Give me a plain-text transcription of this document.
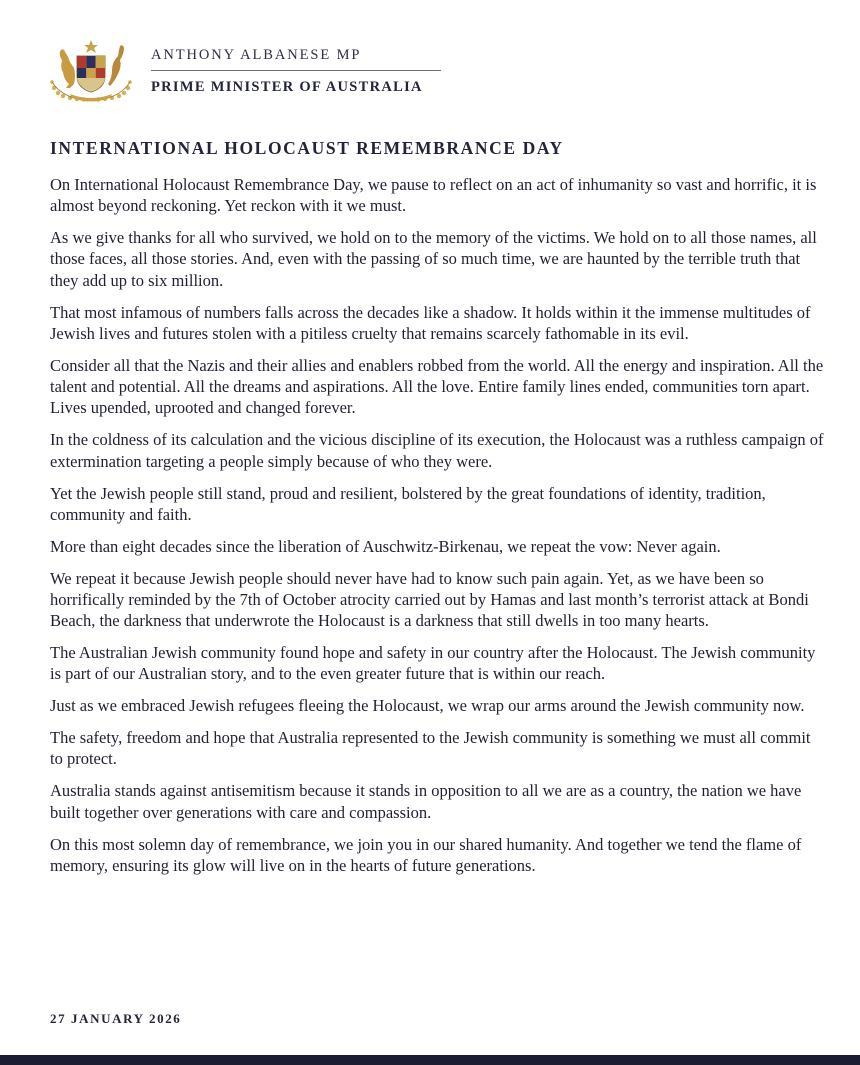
ANTHONY ALBANESE MP
PRIME MINISTER OF AUSTRALIA
INTERNATIONAL HOLOCAUST REMEMBRANCE DAY

On International Holocaust Remembrance Day, we pause to reflect on an act of inhumanity so vast and horrific, it is almost beyond reckoning. Yet reckon with it we must.

As we give thanks for all who survived, we hold on to the memory of the victims. We hold on to all those names, all those faces, all those stories. And, even with the passing of so much time, we are haunted by the terrible truth that they add up to six million.

That most infamous of numbers falls across the decades like a shadow. It holds within it the immense multitudes of Jewish lives and futures stolen with a pitiless cruelty that remains scarcely fathomable in its evil.

Consider all that the Nazis and their allies and enablers robbed from the world. All the energy and inspiration. All the talent and potential. All the dreams and aspirations. All the love. Entire family lines ended, communities torn apart. Lives upended, uprooted and changed forever.

In the coldness of its calculation and the vicious discipline of its execution, the Holocaust was a ruthless campaign of extermination targeting a people simply because of who they were.

Yet the Jewish people still stand, proud and resilient, bolstered by the great foundations of identity, tradition, community and faith.

More than eight decades since the liberation of Auschwitz-Birkenau, we repeat the vow: Never again.

We repeat it because Jewish people should never have had to know such pain again. Yet, as we have been so horrifically reminded by the 7th of October atrocity carried out by Hamas and last month’s terrorist attack at Bondi Beach, the darkness that underwrote the Holocaust is a darkness that still dwells in too many hearts.

The Australian Jewish community found hope and safety in our country after the Holocaust. The Jewish community is part of our Australian story, and to the even greater future that is within our reach.

Just as we embraced Jewish refugees fleeing the Holocaust, we wrap our arms around the Jewish community now.

The safety, freedom and hope that Australia represented to the Jewish community is something we must all commit to protect.

Australia stands against antisemitism because it stands in opposition to all we are as a country, the nation we have built together over generations with care and compassion.

On this most solemn day of remembrance, we join you in our shared humanity. And together we tend the flame of memory, ensuring its glow will live on in the hearts of future generations.

27 JANUARY 2026
